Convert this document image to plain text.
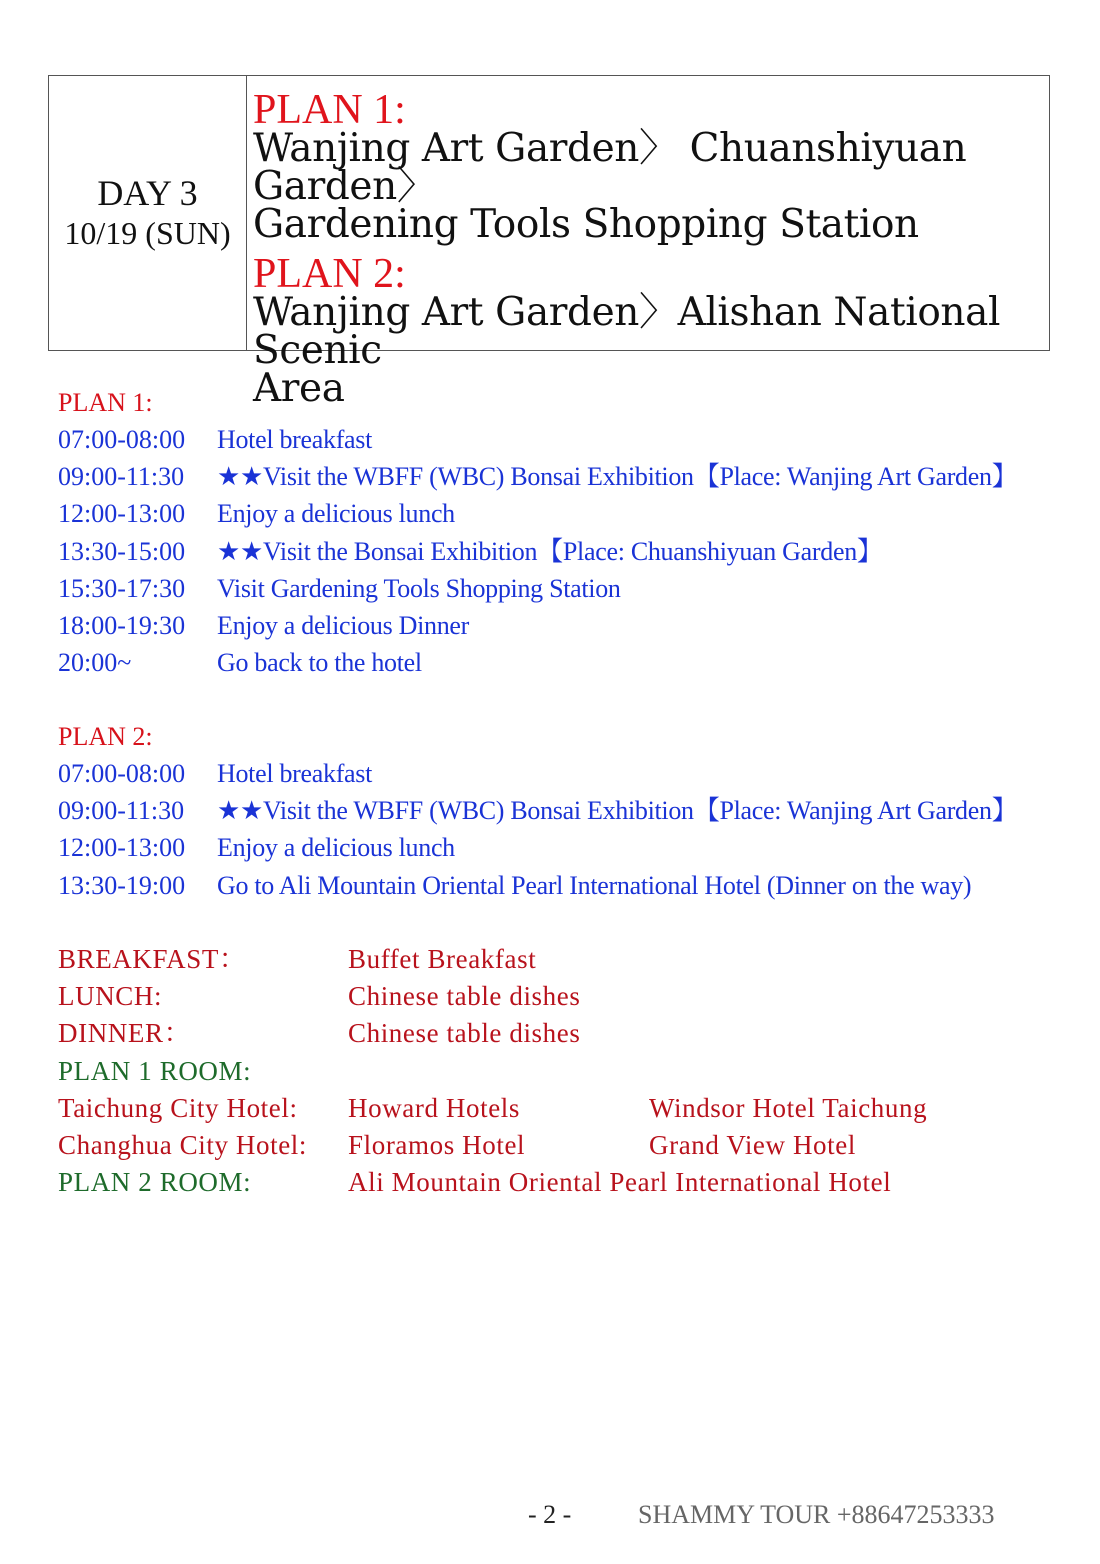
DAY 3
10/19 (SUN)
PLAN 1:
Wanjing Art Garden〉 Chuanshiyuan Garden〉
Gardening Tools Shopping Station
PLAN 2:
Wanjing Art Garden〉Alishan National Scenic
Area
PLAN 1:
07:00-08:00	Hotel breakfast
09:00-11:30	★★Visit the WBFF (WBC) Bonsai Exhibition【Place: Wanjing Art Garden】
12:00-13:00	Enjoy a delicious lunch
13:30-15:00	★★Visit the Bonsai Exhibition【Place: Chuanshiyuan Garden】
15:30-17:30	Visit Gardening Tools Shopping Station
18:00-19:30	Enjoy a delicious Dinner
20:00~	Go back to the hotel
PLAN 2:
07:00-08:00	Hotel breakfast
09:00-11:30	★★Visit the WBFF (WBC) Bonsai Exhibition【Place: Wanjing Art Garden】
12:00-13:00	Enjoy a delicious lunch
13:30-19:00	Go to Ali Mountain Oriental Pearl International Hotel (Dinner on the way)
BREAKFAST：	Buffet Breakfast
LUNCH:	Chinese table dishes
DINNER：	Chinese table dishes
PLAN 1 ROOM:
Taichung City Hotel:	Howard Hotels	Windsor Hotel Taichung
Changhua City Hotel:	Floramos Hotel	Grand View Hotel
PLAN 2 ROOM:	Ali Mountain Oriental Pearl International Hotel
- 2 -	SHAMMY TOUR +88647253333
